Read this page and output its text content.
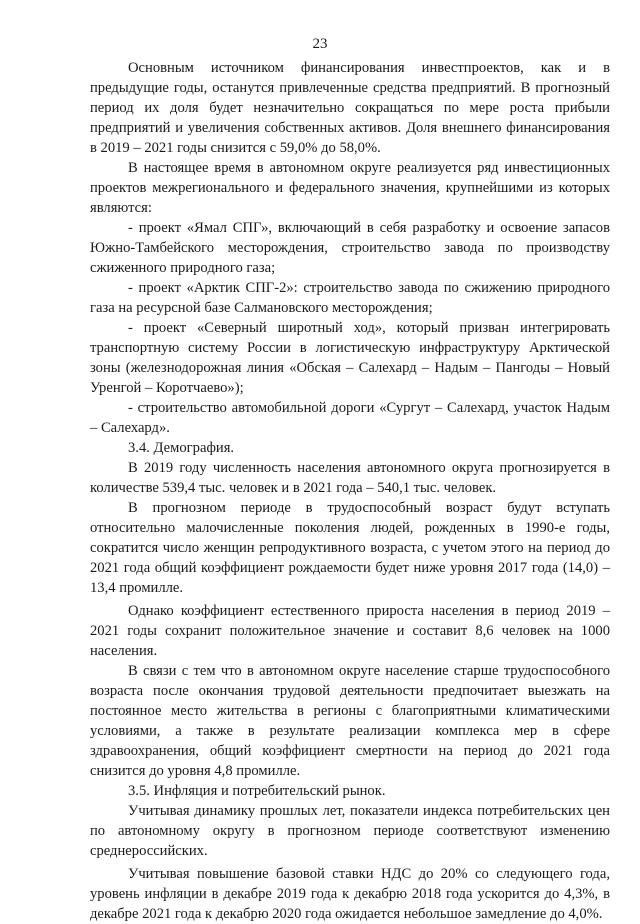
23

Основным источником финансирования инвестпроектов, как и в предыдущие годы, останутся привлеченные средства предприятий. В прогнозный период их доля будет незначительно сокращаться по мере роста прибыли предприятий и увеличения собственных активов. Доля внешнего финансирования в 2019 – 2021 годы снизится с 59,0% до 58,0%.

В настоящее время в автономном округе реализуется ряд инвестиционных проектов межрегионального и федерального значения, крупнейшими из которых являются:

- проект «Ямал СПГ», включающий в себя разработку и освоение запасов Южно-Тамбейского месторождения, строительство завода по производству сжиженного природного газа;

- проект «Арктик СПГ-2»: строительство завода по сжижению природного газа на ресурсной базе Салмановского месторождения;

- проект «Северный широтный ход», который призван интегрировать транспортную систему России в логистическую инфраструктуру Арктической зоны (железнодорожная линия «Обская – Салехард – Надым – Пангоды – Новый Уренгой – Коротчаево»);

- строительство автомобильной дороги «Сургут – Салехард, участок Надым – Салехард».

3.4. Демография.

В 2019 году численность населения автономного округа прогнозируется в количестве 539,4 тыс. человек и в 2021 года – 540,1 тыс. человек.

В прогнозном периоде в трудоспособный возраст будут вступать относительно малочисленные поколения людей, рожденных в 1990-е годы, сократится число женщин репродуктивного возраста, с учетом этого на период до 2021 года общий коэффициент рождаемости будет ниже уровня 2017 года (14,0) – 13,4 промилле.

Однако коэффициент естественного прироста населения в период 2019 – 2021 годы сохранит положительное значение и составит 8,6 человек на 1000 населения.

В связи с тем что в автономном округе население старше трудоспособного возраста после окончания трудовой деятельности предпочитает выезжать на постоянное место жительства в регионы с благоприятными климатическими условиями, а также в результате реализации комплекса мер в сфере здравоохранения, общий коэффициент смертности на период до 2021 года снизится до уровня 4,8 промилле.

3.5. Инфляция и потребительский рынок.

Учитывая динамику прошлых лет, показатели индекса потребительских цен по автономному округу в прогнозном периоде соответствуют изменению среднероссийских.

Учитывая повышение базовой ставки НДС до 20% со следующего года, уровень инфляции в декабре 2019 года к декабрю 2018 года ускорится до 4,3%, в декабре 2021 года к декабрю 2020 года ожидается небольшое замедление до 4,0%.
